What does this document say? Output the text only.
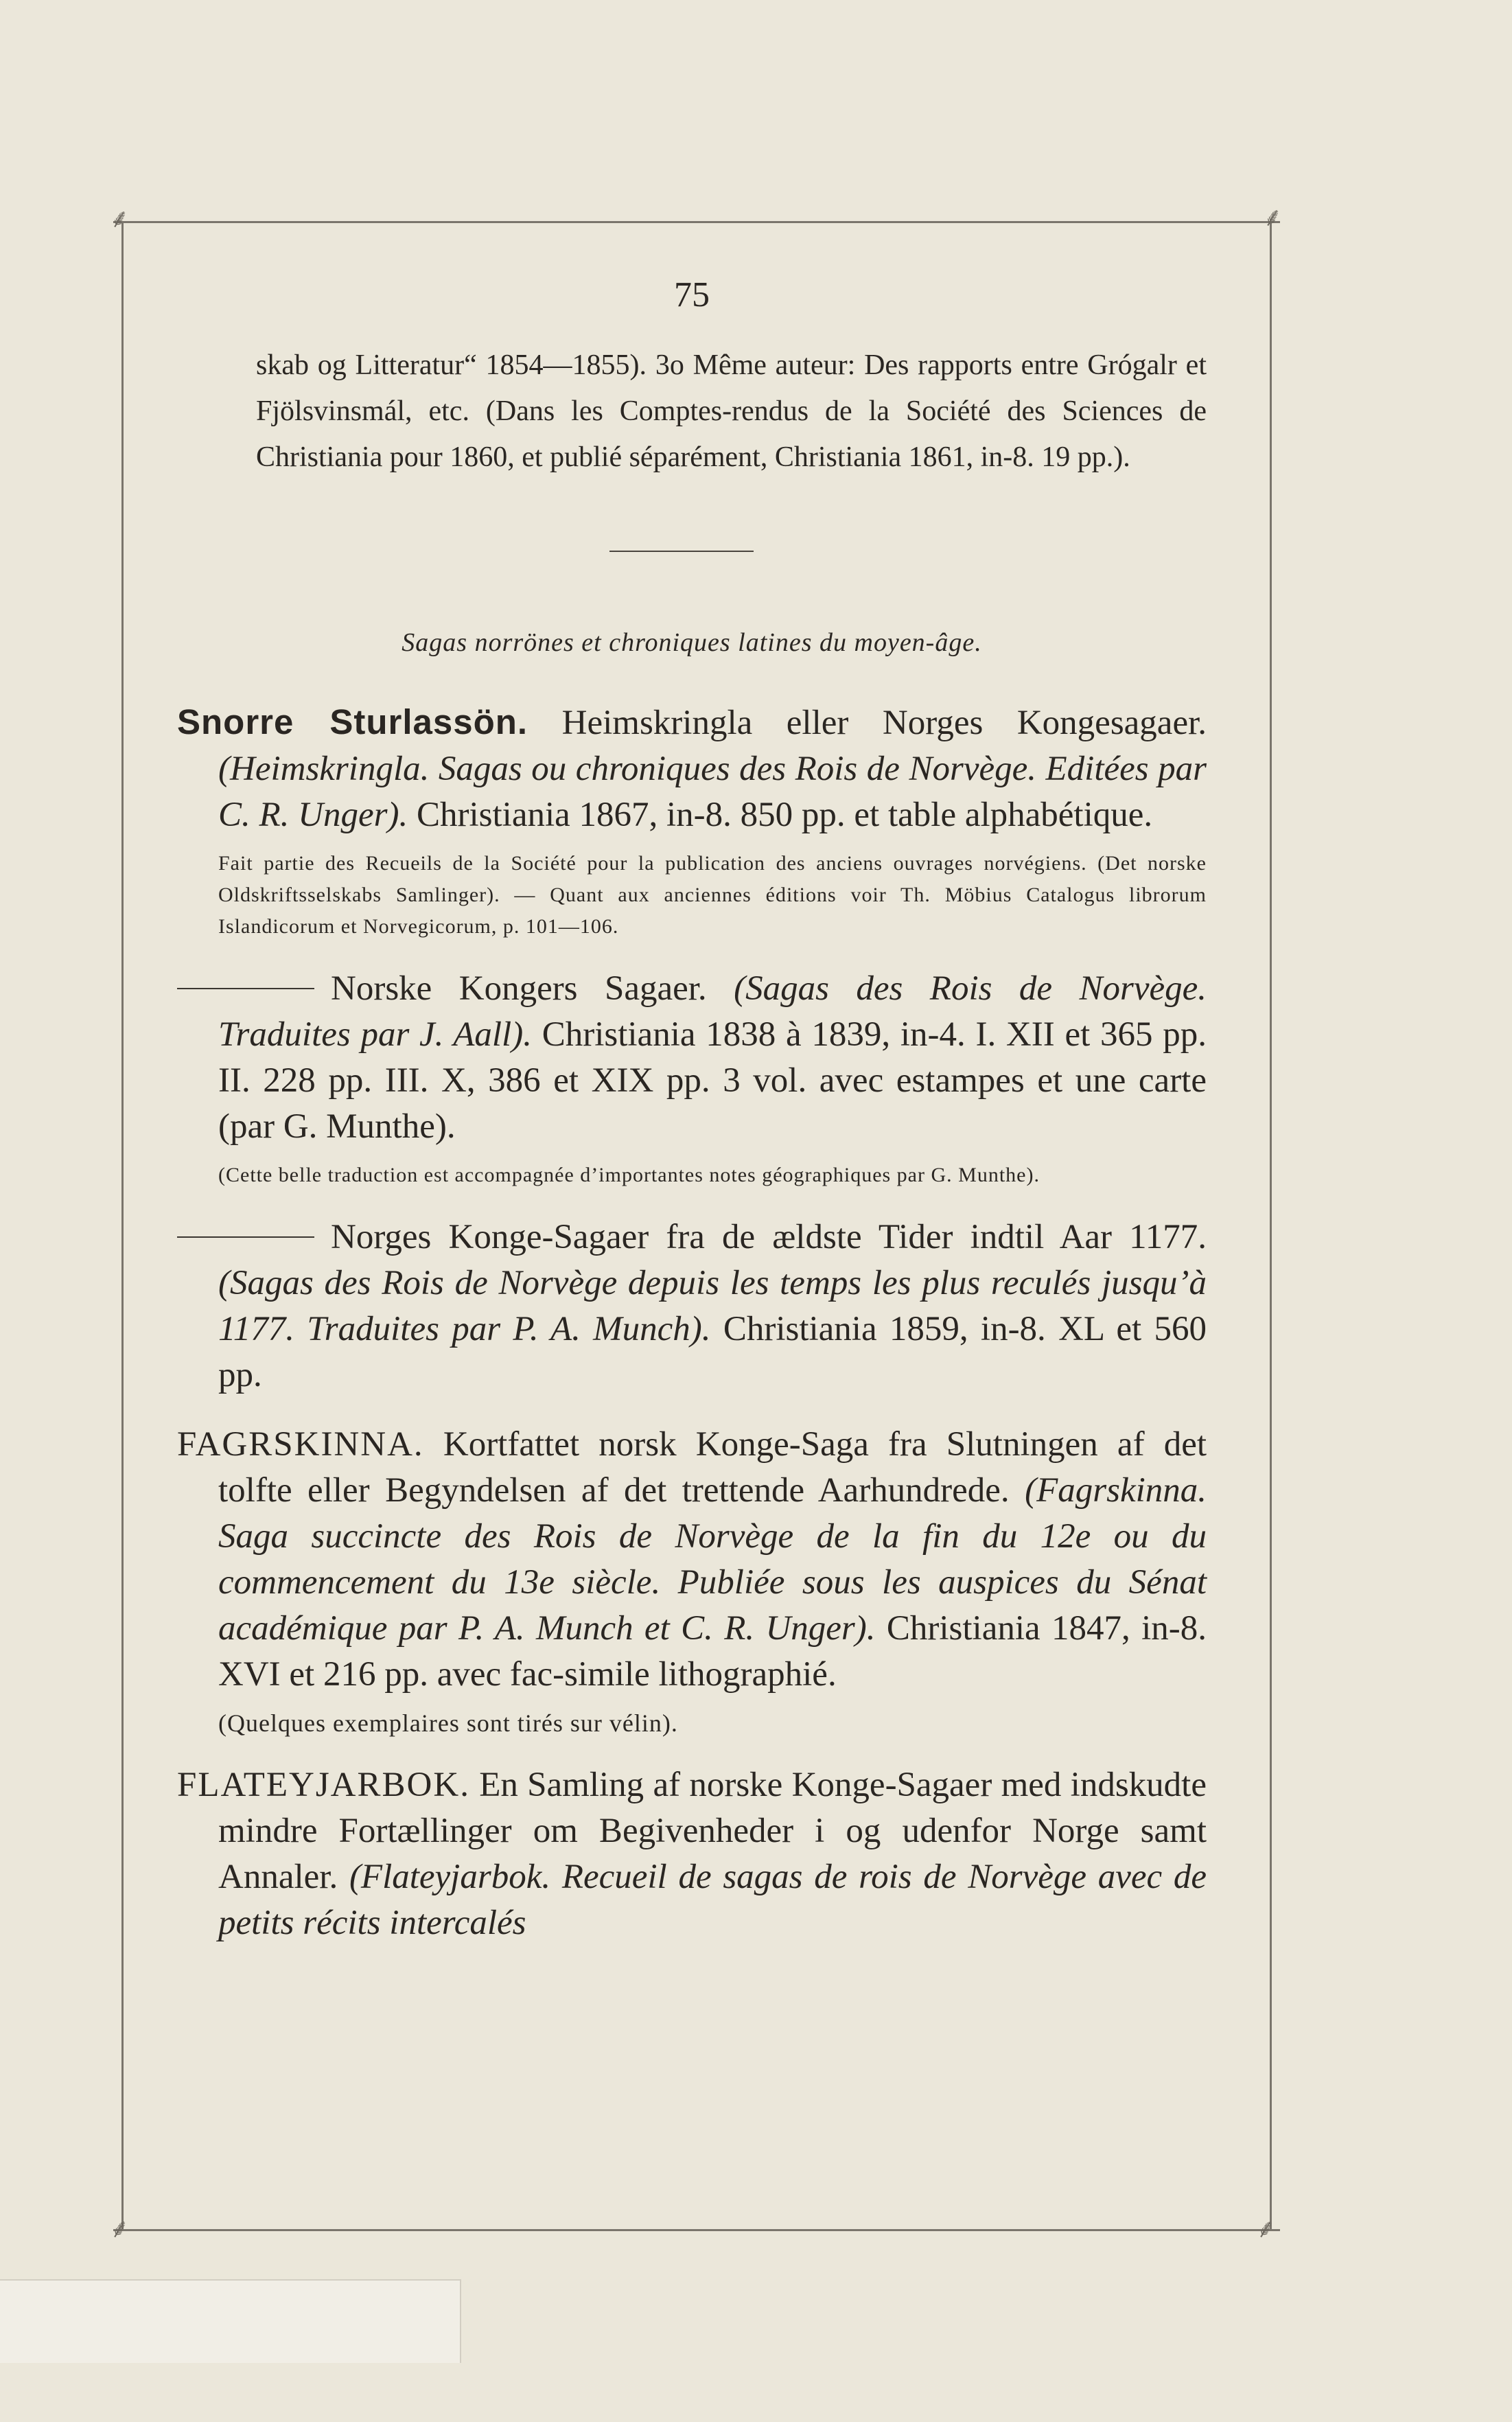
⸙	⸙
⸙	⸙
75
skab og Litteratur“ 1854—1855). 3o Même auteur: Des rapports entre Grógalr et Fjölsvinsmál, etc. (Dans les Comptes-rendus de la Société des Sciences de Christiania pour 1860, et publié séparément, Christiania 1861, in-8. 19 pp.).
Sagas norrönes et chroniques latines du moyen-âge.

Snorre Sturlassön. Heimskringla eller Norges Kongesagaer. (Heimskringla. Sagas ou chroniques des Rois de Norvège. Editées par C. R. Unger). Christiania 1867, in-8. 850 pp. et table alphabétique.

Fait partie des Recueils de la Société pour la publication des anciens ouvrages norvégiens. (Det norske Oldskriftsselskabs Samlinger). — Quant aux anciennes éditions voir Th. Möbius Catalogus librorum Islandicorum et Norvegicorum, p. 101—106.

Norske Kongers Sagaer. (Sagas des Rois de Norvège. Traduites par J. Aall). Christiania 1838 à 1839, in-4. I. XII et 365 pp. II. 228 pp. III. X, 386 et XIX pp. 3 vol. avec estampes et une carte (par G. Munthe).

(Cette belle traduction est accompagnée d’importantes notes géographiques par G. Munthe).

Norges Konge-Sagaer fra de ældste Tider indtil Aar 1177. (Sagas des Rois de Norvège depuis les temps les plus reculés jusqu’à 1177. Traduites par P. A. Munch). Christiania 1859, in-8. XL et 560 pp.

FAGRSKINNA. Kortfattet norsk Konge-Saga fra Slutningen af det tolfte eller Begyndelsen af det trettende Aarhundrede. (Fagrskinna. Saga succincte des Rois de Norvège de la fin du 12e ou du commencement du 13e siècle. Publiée sous les auspices du Sénat académique par P. A. Munch et C. R. Unger). Christiania 1847, in-8. XVI et 216 pp. avec fac-simile lithographié.

(Quelques exemplaires sont tirés sur vélin).

FLATEYJARBOK. En Samling af norske Konge-Sagaer med indskudte mindre Fortællinger om Begivenheder i og udenfor Norge samt Annaler. (Flateyjarbok. Recueil de sagas de rois de Norvège avec de petits récits intercalés
